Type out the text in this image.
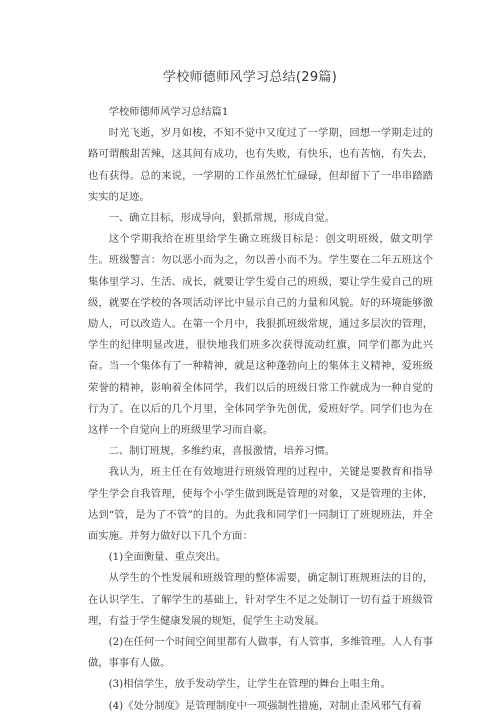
学校师德师风学习总结(29篇)

学校师德师风学习总结篇1

时光飞逝，岁月如梭，不知不觉中又度过了一学期，回想一学期走过的路可谓酸甜苦辣，这其间有成功，也有失败，有快乐，也有苦恼，有失去，也有获得。总的来说，一学期的工作虽然忙忙碌碌，但却留下了一串串踏踏实实的足迹。

一、确立目标，形成导向，狠抓常规，形成自觉。

这个学期我给在班里给学生确立班级目标是：创文明班级，做文明学生。班级警言：勿以恶小而为之，勿以善小而不为。学生要在二年五班这个集体里学习、生活、成长，就要让学生爱自己的班级，要让学生爱自己的班级，就要在学校的各项活动评比中显示自己的力量和风貌。好的环境能够激励人，可以改造人。在第一个月中，我狠抓班级常规，通过多层次的管理，学生的纪律明显改进，很快地我们班多次获得流动红旗，同学们都为此兴奋。当一个集体有了一种精神，就是这种蓬勃向上的集体主义精神，爱班级荣誉的精神，影响着全体同学，我们以后的班级日常工作就成为一种自觉的行为了。在以后的几个月里，全体同学争先创优，爱班好学。同学们也为在这样一个自觉向上的班级里学习而自豪。

二、制订班规，多维约束，喜报激情，培养习惯。

我认为，班主任在有效地进行班级管理的过程中，关键是要教育和指导学生学会自我管理，使每个小学生做到既是管理的对象，又是管理的主体，达到“管，是为了不管”的目的。为此我和同学们一同制订了班规班法，并全面实施。并努力做好以下几个方面：

(1)全面衡量、重点突出。

从学生的个性发展和班级管理的整体需要，确定制订班规班法的目的，在认识学生、了解学生的基础上，针对学生不足之处制订一切有益于班级管理，有益于学生健康发展的规矩，促学生主动发展。

(2)在任何一个时间空间里都有人做事，有人管事，多维管理。人人有事做，事事有人做。

(3)相信学生，放手发动学生，让学生在管理的舞台上唱主角。

(4)《处分制度》是管理制度中一项强制性措施，对制止歪风邪气有着
